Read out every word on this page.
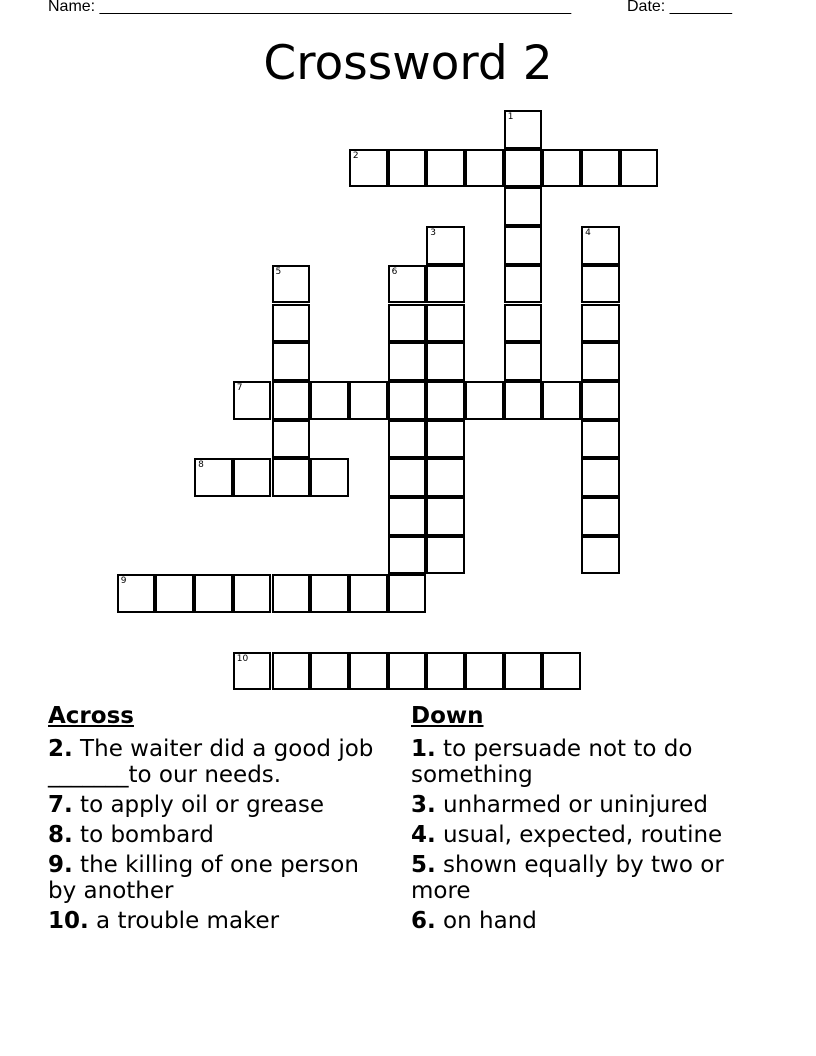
Name: _____________________________________________________	Date: _______
Crossword 2
1
2
3	4
5	6
7
8
9
10
Across
2. The waiter did a good job _______to our needs.
7. to apply oil or grease
8. to bombard
9. the killing of one person by another
10. a trouble maker
Down
1. to persuade not to do something
3. unharmed or uninjured
4. usual, expected, routine
5. shown equally by two or more
6. on hand
